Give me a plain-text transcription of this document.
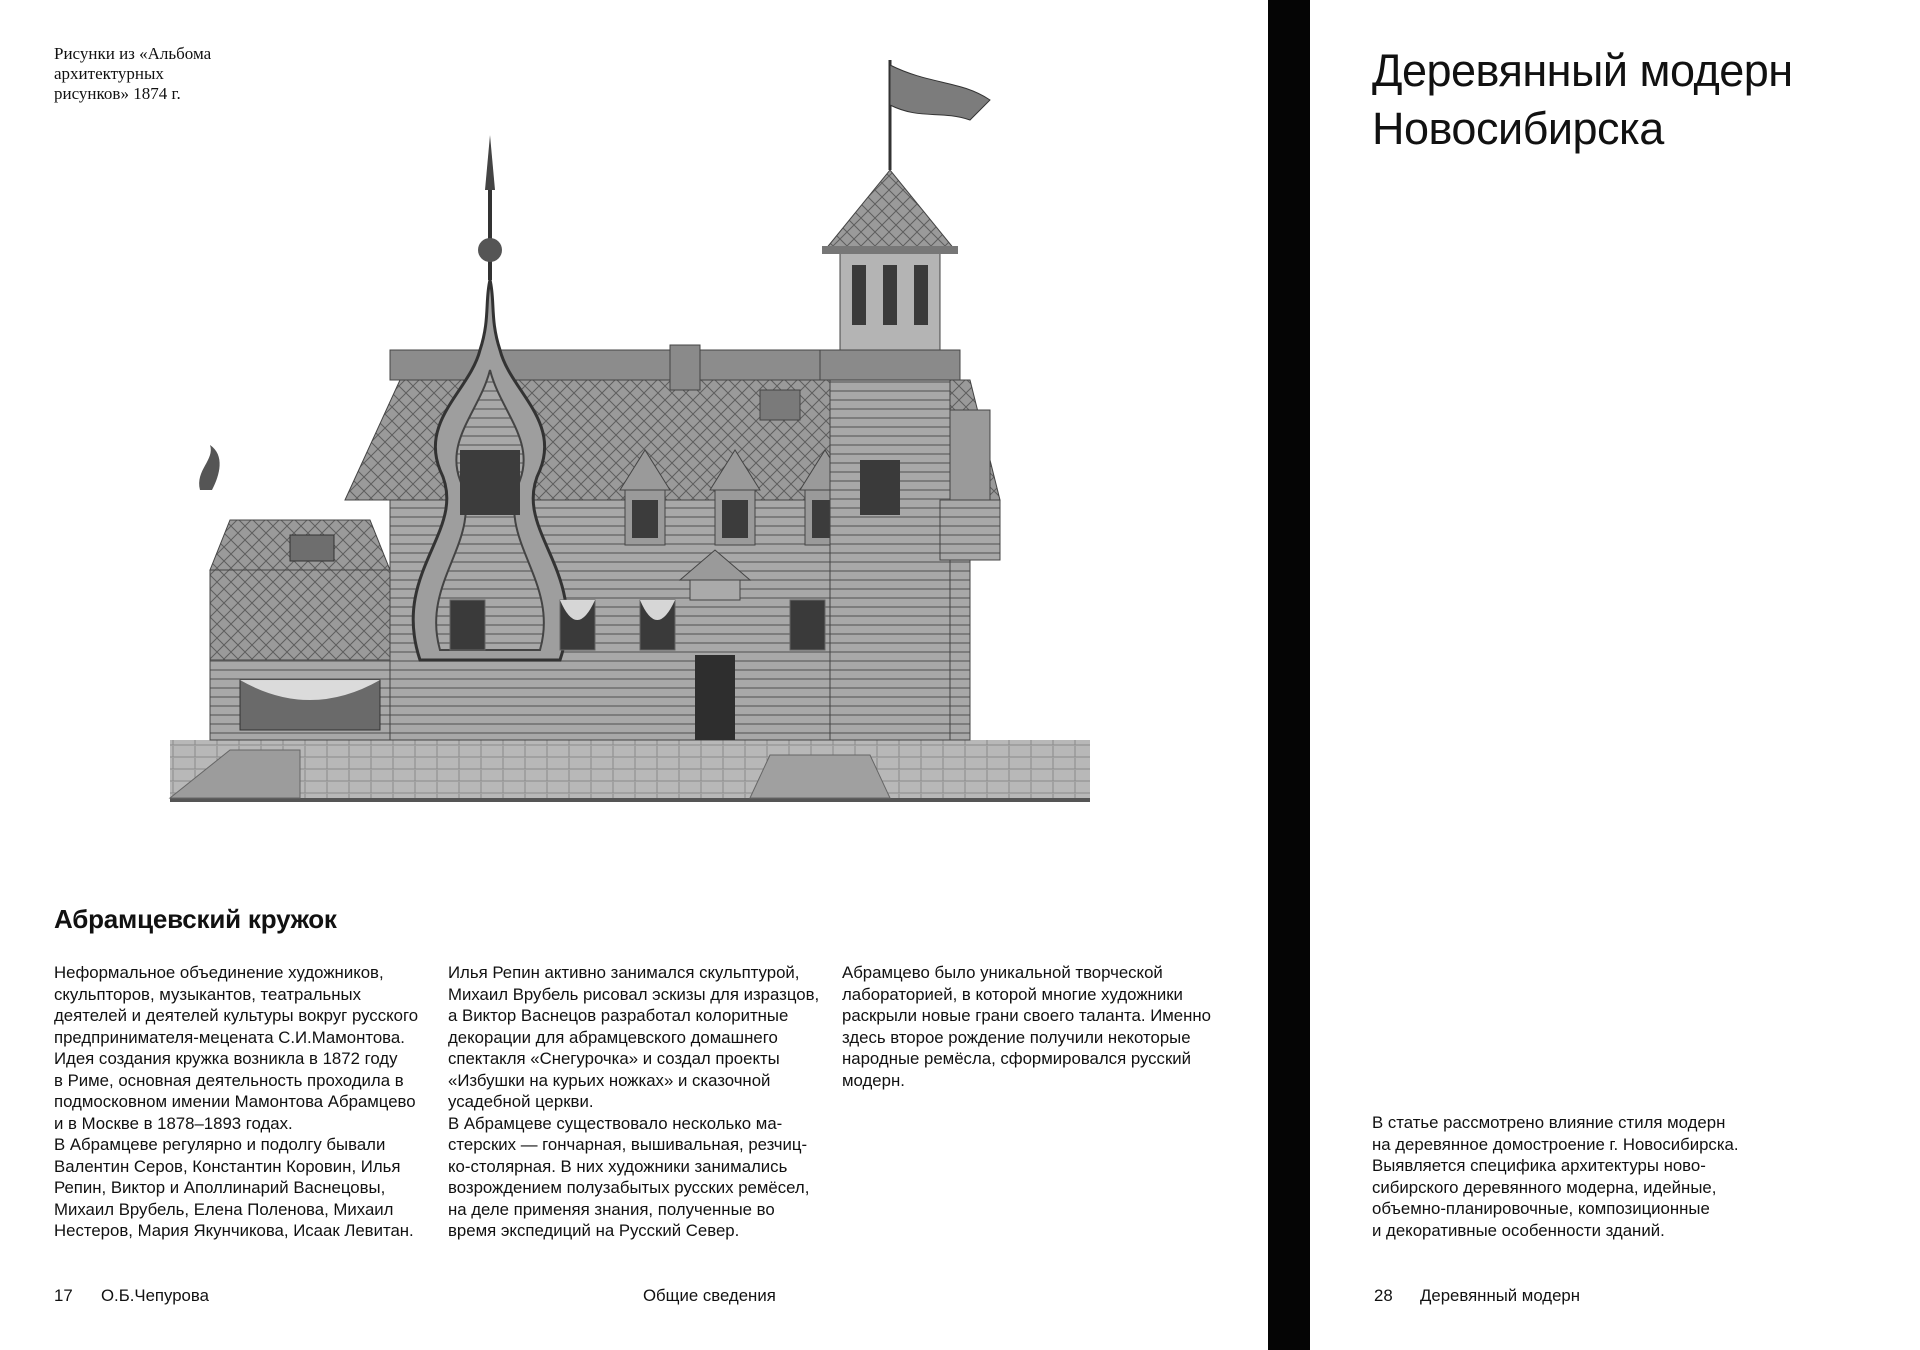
Рисунки из «Альбома
архитектурных
рисунков» 1874 г.
Абрамцевский кружок
Неформальное объединение художников,
скульпторов, музыкантов, театральных
деятелей и деятелей культуры вокруг русского
предпринимателя-мецената С.И.Мамонтова.
Идея создания кружка возникла в 1872 году
в Риме, основная деятельность проходила в
подмосковном имении Мамонтова Абрамцево
и в Москве в 1878–1893 годах.
В Абрамцеве регулярно и подолгу бывали
Валентин Серов, Константин Коровин, Илья
Репин, Виктор и Аполлинарий Васнецовы,
Михаил Врубель, Елена Поленова, Михаил
Нестеров, Мария Якунчикова, Исаак Левитан.
Илья Репин активно занимался скульптурой,
Михаил Врубель рисовал эскизы для изразцов,
а Виктор Васнецов разработал колоритные
декорации для абрамцевского домашнего
спектакля «Снегурочка» и создал проекты
«Избушки на курьих ножках» и сказочной
усадебной церкви.
В Абрамцеве существовало несколько ма-
стерских — гончарная, вышивальная, резчиц-
ко-столярная. В них художники занимались
возрождением полузабытых русских ремёсел,
на деле применяя знания, полученные во
время экспедиций на Русский Север.
Абрамцево было уникальной творческой
лабораторией, в которой многие художники
раскрыли новые грани своего таланта. Именно
здесь второе рождение получили некоторые
народные ремёсла, сформировался русский
модерн.
17 О.Б.Чепурова	Общие сведения
Деревянный модерн
Новосибирска
В статье рассмотрено влияние стиля модерн
на деревянное домостроение г. Новосибирска.
Выявляется специфика архитектуры ново-
сибирского деревянного модерна, идейные,
объемно-планировочные, композиционные
и декоративные особенности зданий.
28 Деревянный модерн
